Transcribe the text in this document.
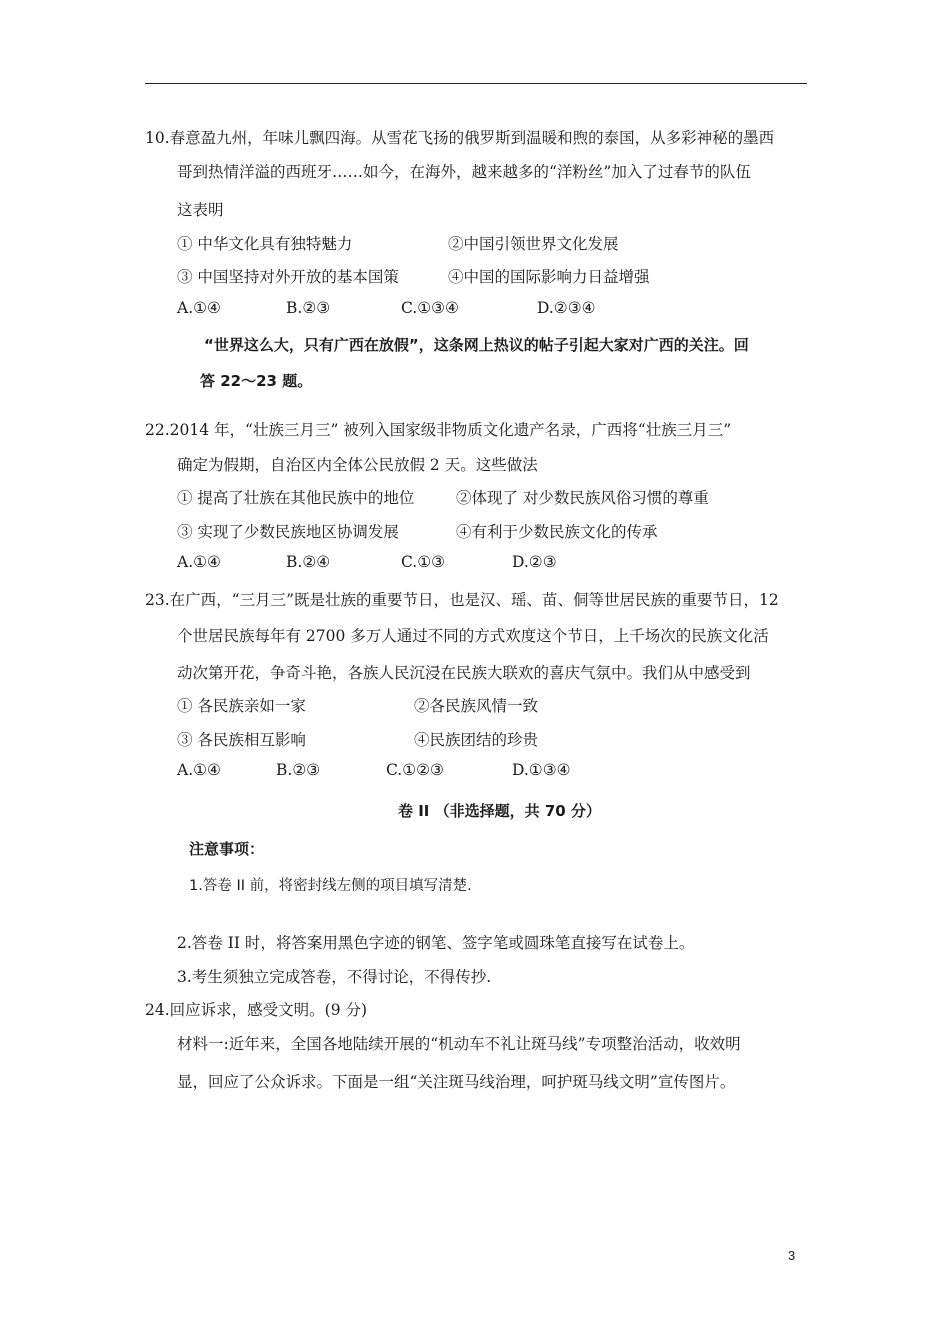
10.春意盈九州，年味儿飘四海。从雪花飞扬的俄罗斯到温暖和煦的泰国，从多彩神秘的墨西
哥到热情洋溢的西班牙……如今，在海外，越来越多的“洋粉丝”加入了过春节的队伍
这表明
① 中华文化具有独特魅力	②中国引领世界文化发展
③ 中国坚持对外开放的基本国策	④中国的国际影响力日益增强
A.①④	B.②③	C.①③④	D.②③④
“世界这么大，只有广西在放假”，这条网上热议的帖子引起大家对广西的关注。回
答 22～23 题。
22.2014 年，“壮族三月三” 被列入国家级非物质文化遗产名录，广西将“壮族三月三”
确定为假期，自治区内全体公民放假 2 天。这些做法
① 提高了壮族在其他民族中的地位	②体现了 对少数民族风俗习惯的尊重
③ 实现了少数民族地区协调发展	④有利于少数民族文化的传承
A.①④	B.②④	C.①③	D.②③
23.在广西，“三月三”既是壮族的重要节日，也是汉、瑶、苗、侗等世居民族的重要节日，12
个世居民族每年有 2700 多万人通过不同的方式欢度这个节日，上千场次的民族文化活
动次第开花，争奇斗艳，各族人民沉浸在民族大联欢的喜庆气氛中。我们从中感受到
① 各民族亲如一家	②各民族风情一致
③ 各民族相互影响	④民族团结的珍贵
A.①④	B.②③	C.①②③	D.①③④
卷 II （非选择题，共 70 分）
注意事项：
1.答卷 II 前，将密封线左侧的项目填写清楚.
2.答卷 II 时，将答案用黑色字迹的钢笔、签字笔或圆珠笔直接写在试卷上。
3.考生须独立完成答卷，不得讨论，不得传抄.
24.回应诉求，感受文明。(9 分)
材料一:近年来，全国各地陆续开展的“机动车不礼让斑马线”专项整治活动，收效明
显，回应了公众诉求。下面是一组“关注斑马线治理，呵护斑马线文明”宣传图片。
3
